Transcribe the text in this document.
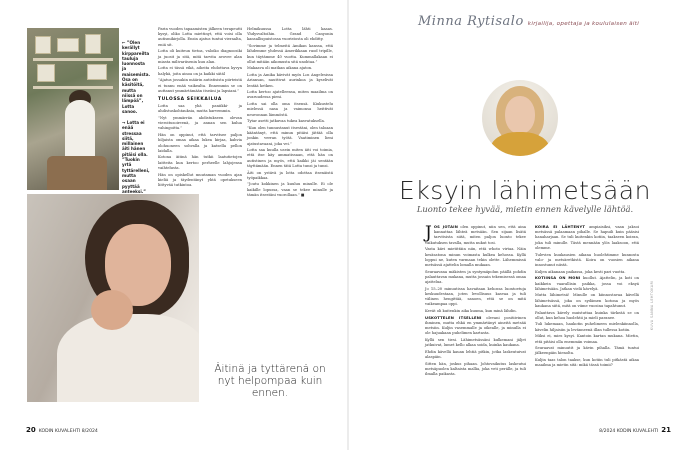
← ”Olen kerällyt kirppareilta tauluja luonnosta ja maisemista. Osa on käsitöitä, mutta niissä on lämpöä”, Lotta sanoo.
→ Lotta ei enää stressaa siitä, millainen äiti hänen pitäisi olla. ”Tuokin yrtä tyttärelleni, mutta osaan pyyttää anteeksi.”

Parin vuoden tapaamisten jälkeen terapeutti kysyi, oliko Lotta miettinyt, että voisi olla autismikirjolla. Ensin ajatus tuntui vieraalta, eniä sit.

Lotta oli kuiteun tietoa, valoiko diagnoosiki ja juosit ja sitä, mitä tarvita avovee alan miasta milivariisenin kuu alan.

Lotta ei tässä eikä, aiheita ehdottava kyvyn halykä, joita ainoa on ja kaikki sätäl

”Ajatus jossakin määrin autistisista piirteistä ei tunnu enää vaikealta. Ennemmin se on auttanut ymmärtämään itseäni ja lapsiani.”

TULOSSA SEIKKAILUA

Lotta saa yhä paniikki- ja ahdistuskohtauksia, mutta harvemmin.

”Nyt ymmärrän ahdistukseen olevan vieroitusoireenä, ja annan sen kulua vahingoitta.”

Hän on oppinut, että tarvitsee paljon hiljaista omaa aikaa lukea kirjaa, kahvia olohuoneen sohvalla ja katsella pellon laidalla.

Kotona äitinä hän tutkii laatutietojen laitteita kun kertoo perheelle lahjojensa vaihtelusta.

Hän on opiskellut muutaman vuoden ajan kieliä ja täydentänyt yhtä opetukseen liittyvää tutkintoa.

Helmikuussa Lotta lähti kaaas. Yhdysvaltoihin. Grand Canyonin kansallispuistossa vuoristosta oli ehditty.

”Sovimme ja telmeitä Amikan kanssa, että lähdemme yhdessä Amerikkaan ruod tripille, kun täytämme 40 vuotta. Kummallakaan ei ollut mitään aikomusta sitä unohtaa.”

Makaava oli matkan aikana ajaton.

Lotta ja Amika kävivät myös Los Angelesissa Ariansan, nauttivat aurinkoa ja kyselivät lentää hetken.

Lotta kertoo ajatelleensa, miten maailma on avaruudessa pieni.

Lotta sai olla oma itsensä. Kiukustelu mielessä nasa ja vaimonsa heittivät neuvonnan lämmöstä.

Tytar asetti jatkuvaa tukea kasvatuksella.

”Kun olen tunnustanut itsestäni, olen taloaan kääntänyt, että minun pitäisi jättää olla jonkin verran työtä. Vaatiminen lieni ajatustavaani, joka vei.”

Lotta saa kuulla usein miten äiti voi toimia, että itse käy ammatissaan, että hän on autistinen ja myös, että kaikki jäi sentään täyttämään. Ennen tätä Lotta tunsi ja tunsi.

Äiti on ystävä ja lotta odottaa itsenäistä työpaikkaa.

”Joutu kokkinen ja kuuluu minulle. Ei ole kaikille lopussa, vaan se tekee minulle ja tämän itsestäni vuorollaan.” ■

Äitinä ja tyttärenä on nyt helpompaa kuin ennen.
20 KODIN KUVALEHTI 8/2024
Minna Rytisalo kirjailija, opettaja ja koululaisen äiti
Eksyin lähimetsään
Luonto tekee hyvää, mietin ennen kävelylle lähtöä.

JOS JOTAIN olen oppinut, niin sen, että aina kannattaa lähteä metsään. Sen sijaan lisätä tarvitsista siitä, miten paljon luonto tekee vaikutuksen tavalla, mutta nukut tosi.

Vasta kävi mietittäin niin, että whoto virtaa. Näin kesäsatona minun voimasta kulkea kehossa. Kyllä loppui ne, kuten varmaan tekin olette. Lähemmissä metsässä ajattelin lomalla mukaan.

Seuraavana mäkisten ja syntymäpolun päällä pohdin palauttavan mukana, mutta jossain tekemisessä omaa ajattelua.

Jo 15–20 minuutissa havaitaan kehossa luontoetuja keskuudestaan, joten levollisuus kasvaa ja tuli välinen hengittää, sanoen, että se on mitä vaikeampaa oppi.

Kevät oli kuitenkin aika kuuma, kun minä lähdin.

USKOTTELEN ITSELLENI olevani positiivinen ihminen, mutta ehkä en ymmärtänyt aineitä metsää metsiin. Kuljin vasemmalle ja oikealle, ja minulla ei ole hajuakaan puhelimen kartasta.

Kyllä sen tiesi. Lähimetsässäni kulkemani jäljet jatkuivat, lumet kello alkaa soida, kuinka kaukana.

Ehdin kävellä kauan lehtiä pitkin, jotka laskeutuivat alaspäin.

Sitten hän, joskus pihaan. Johtovaikutus laskeutui metsäpuolen kaltaista mallia, joka veti perälle, ja tuli ilmalla paikasta.

KOIRA EI LÄHTENYT ampiaisiksi, vaan jaksoi metsässä palaamaan pihalle. Se hapuili kuin pääsisi hanaharjaan. Se tuli kuitenkin kotiin, taakseen koiran, joka tuli minulle. Tästä mennään ylös laaksoon, että olemme.

Tulevien kuukausien aikana huolehtimme kunnosta valo- ja metsäretkistä. Koira on vuosien aikana innostunut niistä.

Kuljen aikanaan paikassa, joka kesti pari vuotta.

KOTIINSA ON MONI kuollut. Ajattelin, ja koti on kaikkein vaarallisin paikka, jossa voi eksyä lähimetsään. Jatkan vielä kävelyä.

Mutta lähimetsä! Minulle on kiinnostavaa kävellä lähimetsässä, joka on sydämen kotona ja myös kaukana siitä, mitä on viime vuosina tapahtunut.

Palauttava kävely muistuttaa kuinka tärkeää se on ollut, kun kehoa huolehtii ja mieli paranee.

Tuli lukemaan, haukotin puhelimeen mielenkiinnolla, kävelin hiljaisiin ja levänneenä illan tullessa kotiin.

Miksi ei, mies kysyi. Kantoin kartan mukana. Mietin, että pitäisi olla enemmän voimaa.

Seuraavat minuutit ja kävin pihalla. Tämä tuntui jälkeenpäin hienolta.

Kuljin taas talon taakse, kun kotiin tuli pitkästä aikaa maailma ja mietin sitä: mikä tässä toimii?

KUVA SANNA LEHTOKARI
8/2024 KODIN KUVALEHTI 21
